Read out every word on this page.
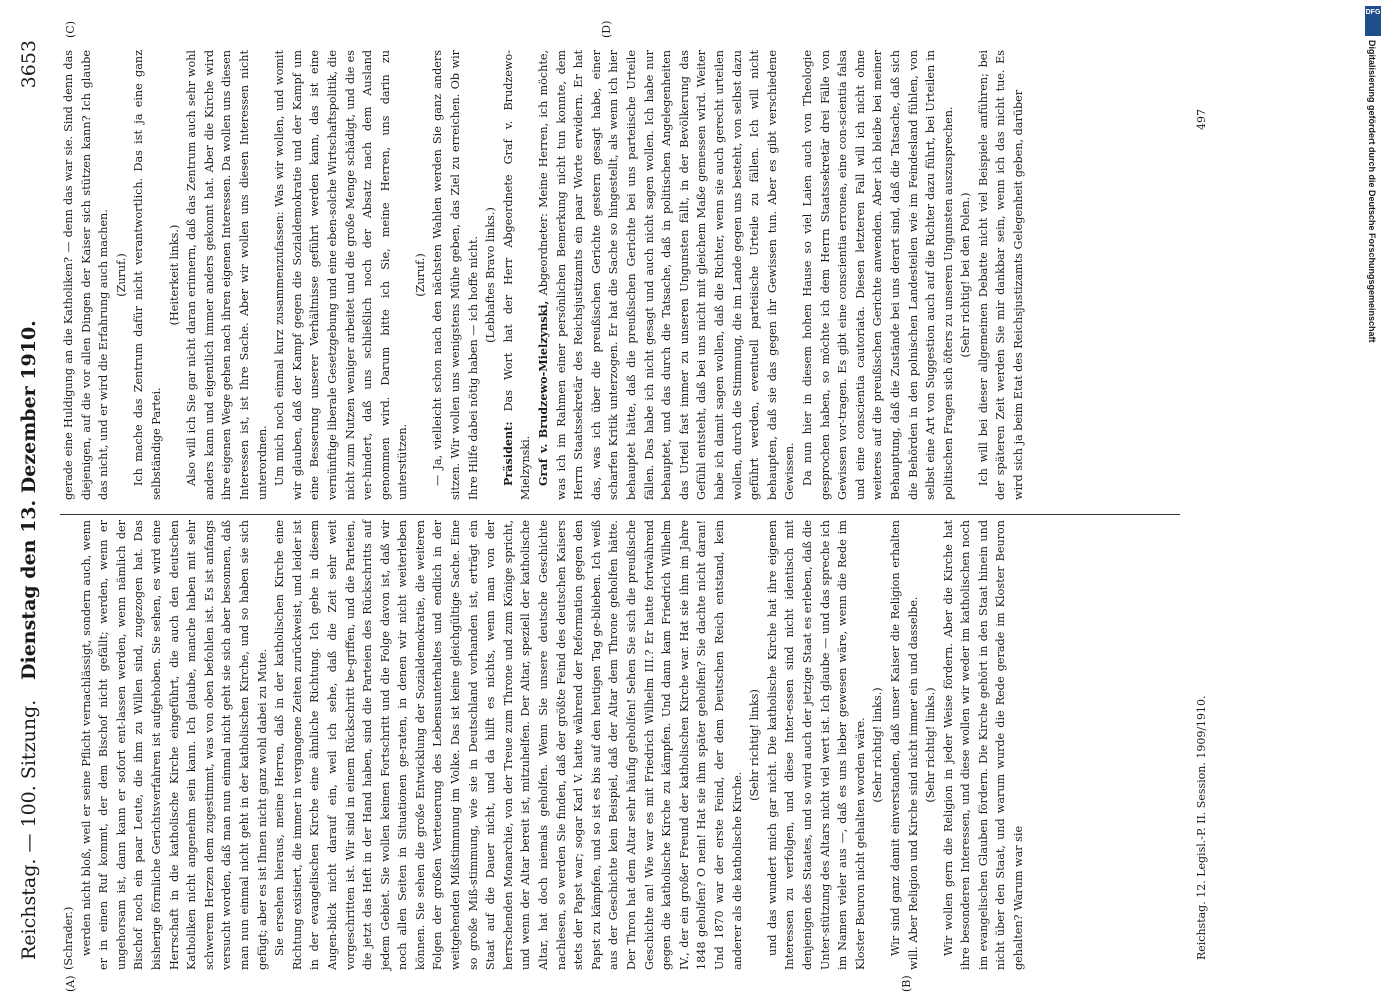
Reichstag. — 100. Sitzung.
Dienstag den 13. Dezember 1910.
3653
(A)	(B)
(C)	(D)

(Schrader.) werden nicht bloß, weil er seine Pflicht vernachlässigt, sondern auch, wenn er in einen Ruf kommt, der dem Bischof nicht gefällt; werden, wenn er ungehorsam ist, dann kann er sofort ent-lassen werden, wenn nämlich der Bischof noch ein paar Leute, die ihm zu Willen sind, zugezogen hat. Das bisherige förmliche Gerichtsverfahren ist aufgehoben. Sie sehen, es wird eine Herrschaft in die katholische Kirche eingeführt, die auch den deutschen Katholiken nicht angenehm sein kann. Ich glaube, manche haben mit sehr schwerem Herzen dem zugestimmt, was von oben befohlen ist. Es ist anfangs versucht worden, daß man nun einmal nicht geht sie sich aber besonnen, daß man nun einmal nicht geht in der katholischen Kirche, und so haben sie sich gefügt; aber es ist Ihnen nicht ganz wohl dabei zu Mute. Sie ersehen hieraus, meine Herren, daß in der katholischen Kirche eine Richtung existiert, die immer in vergangene Zeiten zurückweist, und leider ist in der evangelischen Kirche eine ähnliche Richtung. Ich gehe in diesem Augen-blick nicht darauf ein, weil ich sehe, daß die Zeit sehr weit vorgeschritten ist. Wir sind in einem Rückschritt be-griffen, und die Parteien, die jetzt das Heft in der Hand haben, sind die Parteien des Rückschritts auf jedem Gebiet. Sie wollen keinen Fortschritt und die Folge davon ist, daß wir noch allen Seiten in Situationen ge-raten, in denen wir nicht weiterleben können. Sie sehen die große Entwicklung der Sozialdemokratie, die weiteren Folgen der großen Verteuerung des Lebensunterhaltes und endlich in der weitgehenden Mißstimmung im Volke. Das ist keine gleichgültige Sache. Eine so große Miß-stimmung, wie sie in Deutschland vorhanden ist, erträgt ein Staat auf die Dauer nicht, und da hilft es nichts, wenn man von der herrschenden Monarchie, von der Treue zum Throne und zum Könige spricht, und wenn der Altar bereit ist, mitzuhelfen. Der Altar, speziell der katholische Altar, hat doch niemals geholfen. Wenn Sie unsere deutsche Geschichte nachlesen, so werden Sie finden, daß der größte Feind des deutschen Kaisers stets der Papst war; sogar Karl V. hatte während der Reformation gegen den Papst zu kämpfen, und so ist es bis auf den heutigen Tag ge-blieben. Ich weiß aus der Geschichte kein Beispiel, daß der Altar dem Throne geholfen hätte. Der Thron hat dem Altar sehr häufig geholfen! Sehen Sie sich die preußische Geschichte an! Wie war es mit Friedrich Wilhelm III.? Er hatte fortwährend gegen die katholische Kirche zu kämpfen. Und dann kam Friedrich Wilhelm IV., der ein großer Freund der katholischen Kirche war. Hat sie ihm im Jahre 1848 geholfen? O nein! Hat sie ihm später geholfen? Sie dachte nicht daran! Und 1870 war der erste Feind, der dem Deutschen Reich entstand, kein anderer als die katholische Kirche.

(Sehr richtig! links) und das wundert mich gar nicht. Die katholische Kirche hat ihre eigenen Interessen zu verfolgen, und diese Inter-essen sind nicht identisch mit denjenigen des Staates, und so wird auch der jetzige Staat es erleben, daß die Unter-stützung des Altars nicht viel wert ist. Ich glaube — und das spreche ich im Namen vieler aus —, daß es uns lieber gewesen wäre, wenn die Rede im Kloster Beuron nicht gehalten worden wäre. (Sehr richtig! links.) Wir sind ganz damit einverstanden, daß unser Kaiser die Religion erhalten will. Aber Religion und Kirche sind nicht immer ein und dasselbe. (Sehr richtig! links.) Wir wollen gern die Religion in jeder Weise fördern. Aber die Kirche hat ihre besonderen Interessen, und diese wollen wir weder im katholischen noch im evangelischen Glauben fördern. Die Kirche gehört in den Staat hinein und nicht über den Staat, und warum wurde die Rede gerade im Kloster Beuron gehalten? Warum war sie

gerade eine Huldigung an die Katholiken? — denn das war sie. Sind denn das diejenigen, auf die vor allen Dingen der Kaiser sich stützen kann? Ich glaube das nicht, und er wird die Erfahrung auch machen. (Zuruf.) Ich mache das Zentrum dafür nicht verantwortlich. Das ist ja eine ganz selbständige Partei.

(Heiterkeit links.) Also will ich Sie gar nicht daran erinnern, daß das Zentrum auch sehr wohl anders kann und eigentlich immer anders gekonnt hat. Aber die Kirche wird ihre eigenen Wege gehen nach ihren eigenen Interessen. Da wollen uns diesen Interessen ist, ist Ihre Sache. Aber wir wollen uns diesen Interessen nicht unterordnen. Um mich noch einmal kurz zusammenzufassen: Was wir wollen, und womit wir glauben, daß der Kampf gegen die Sozialdemokratie und der Kampf um eine Besserung unserer Verhältnisse geführt werden kann, das ist eine vernünftige liberale Gesetzgebung und eine eben-solche Wirtschaftspolitik, die nicht zum Nutzen weniger arbeitet und die große Menge schädigt, und die es ver-hindert, daß uns schließlich noch der Absatz nach dem Ausland genommen wird. Darum bitte ich Sie, meine Herren, uns darin zu unterstützen.

(Zuruf.) — Ja, vielleicht schon nach den nächsten Wahlen werden Sie ganz anders sitzen. Wir wollen uns wenigstens Mühe geben, das Ziel zu erreichen. Ob wir Ihre Hilfe dabei nötig haben — ich hoffe nicht. (Lebhaftes Bravo links.)

Präsident: Das Wort hat der Herr Abgeordnete Graf v. Brudzewo-Mielzynski. Graf v. Brudzewo-Mielzynski, Abgeordneter: Meine Herren, ich möchte, was ich im Rahmen einer persönlichen Bemerkung nicht tun konnte, dem Herrn Staatssekretär des Reichsjustizamts ein paar Worte erwidern. Er hat das, was ich über die preußischen Gerichte gestern gesagt habe, einer scharfen Kritik unterzogen. Er hat die Sache so hingestellt, als wenn ich hier behauptet hätte, daß die preußischen Gerichte bei uns parteiische Urteile fällen. Das habe ich nicht gesagt und auch nicht sagen wollen. Ich habe nur behauptet, und das durch die Tatsache, daß in politischen Angelegenheiten das Urteil fast immer zu unseren Ungunsten fällt, in der Bevölkerung das Gefühl entsteht, daß bei uns nicht mit gleichem Maße gemessen wird. Weiter habe ich damit sagen wollen, daß die Richter, wenn sie auch gerecht urteilen wollen, durch die Stimmung, die im Lande gegen uns besteht, von selbst dazu geführt werden, eventuell parteiische Urteile zu fällen. Ich will nicht behaupten, daß sie das gegen ihr Gewissen tun. Aber es gibt verschiedene Gewissen. Da nun hier in diesem hohen Hause so viel Laien auch von Theologie gesprochen haben, so möchte ich dem Herrn Staatssekretär drei Fälle von Gewissen vor-tragen. Es gibt eine conscientia erronea, eine con-scientia falsa und eine conscientia cautoriata. Diesen letzteren Fall will ich nicht ohne weiteres auf die preußischen Gerichte anwenden. Aber ich bleibe bei meiner Behauptung, daß die Zustände bei uns derart sind, daß die Tatsache, daß sich die Behörden in den polnischen Landesteilen wie im Feindesland fühlen, von selbst eine Art von Suggestion auch auf die Richter dazu führt, bei Urteilen in politischen Fragen sich öfters zu unseren Ungunsten auszusprechen. (Sehr richtig! bei den Polen.) Ich will bei dieser allgemeinen Debatte nicht viel Beispiele anführen; bei der späteren Zeit werden Sie mir dankbar sein, wenn ich das nicht tue. Es wird sich ja beim Etat des Reichsjustizamts Gelegenheit geben, darüber

Reichstag. 12. Legisl.-P. II. Session. 1909/1910.
497
DFG
Digitalisierung gefördert durch die Deutsche Forschungsgemeinschaft
